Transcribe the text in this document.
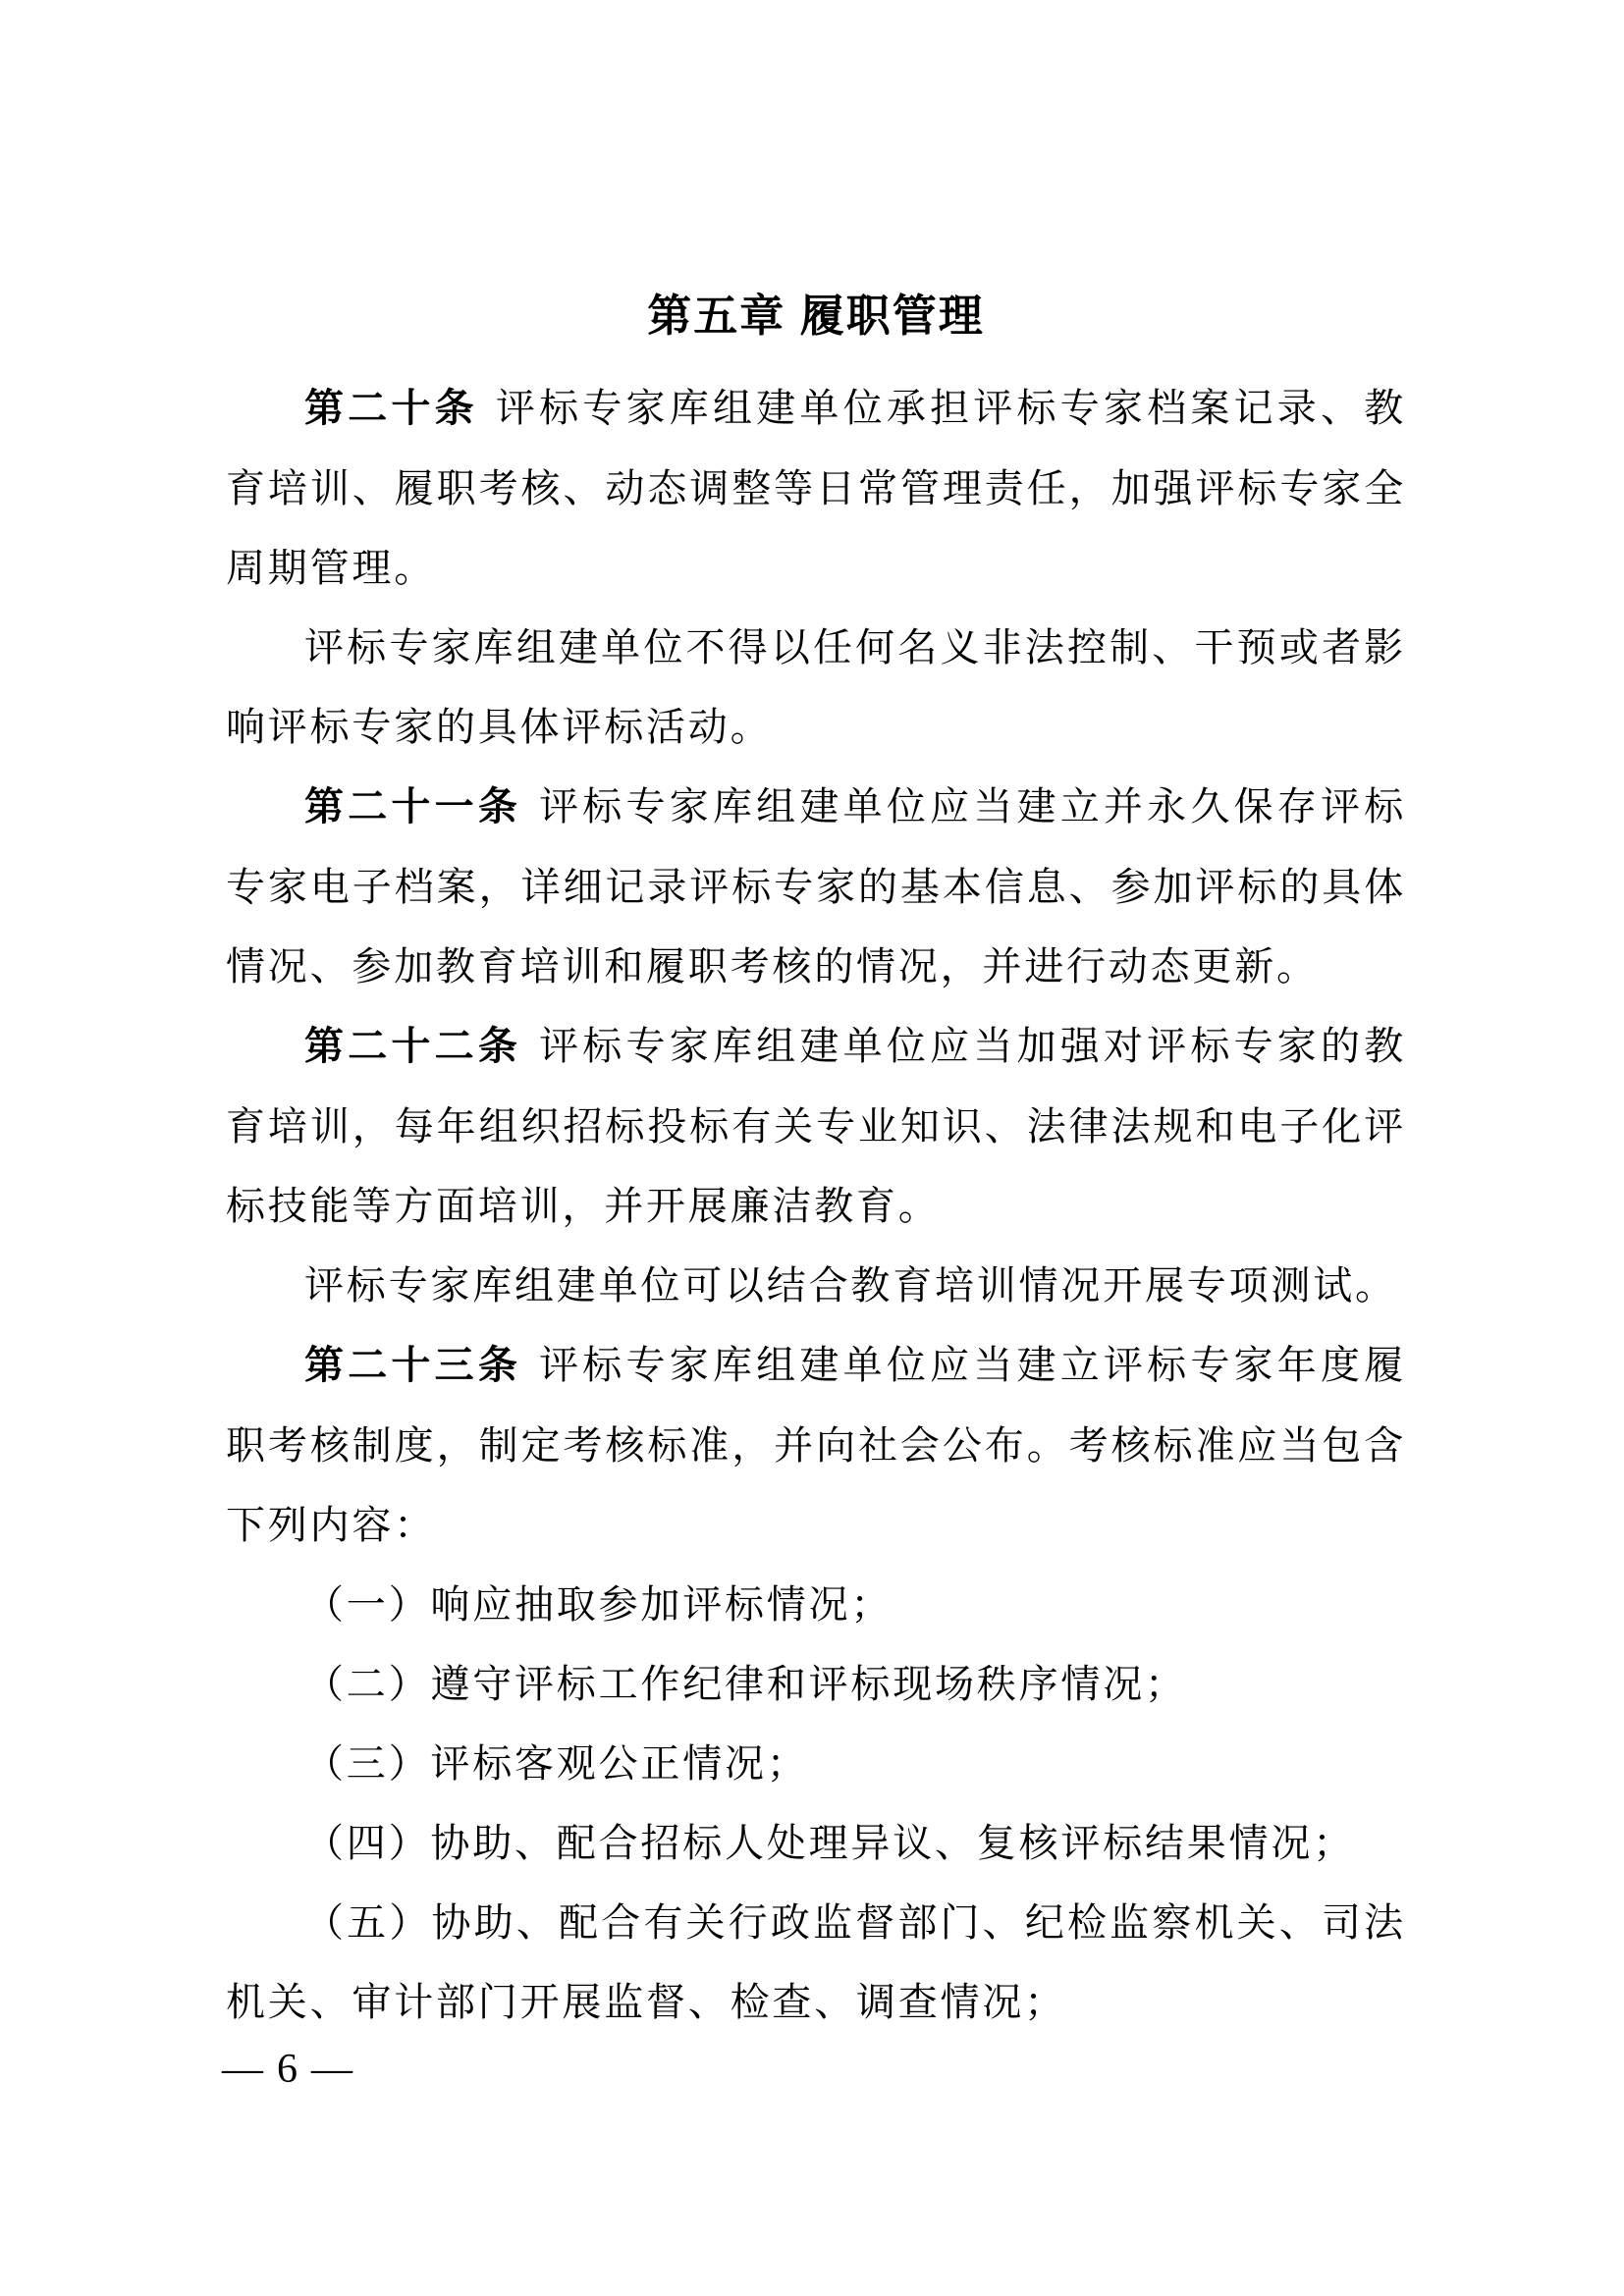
第五章 履职管理

第二十条 评标专家库组建单位承担评标专家档案记录、教育培训、履职考核、动态调整等日常管理责任，加强评标专家全周期管理。

评标专家库组建单位不得以任何名义非法控制、干预或者影响评标专家的具体评标活动。

第二十一条 评标专家库组建单位应当建立并永久保存评标专家电子档案，详细记录评标专家的基本信息、参加评标的具体情况、参加教育培训和履职考核的情况，并进行动态更新。

第二十二条 评标专家库组建单位应当加强对评标专家的教育培训，每年组织招标投标有关专业知识、法律法规和电子化评标技能等方面培训，并开展廉洁教育。

评标专家库组建单位可以结合教育培训情况开展专项测试。

第二十三条 评标专家库组建单位应当建立评标专家年度履职考核制度，制定考核标准，并向社会公布。考核标准应当包含下列内容：

（一）响应抽取参加评标情况；

（二）遵守评标工作纪律和评标现场秩序情况；

（三）评标客观公正情况；

（四）协助、配合招标人处理异议、复核评标结果情况；

（五）协助、配合有关行政监督部门、纪检监察机关、司法机关、审计部门开展监督、检查、调查情况；

— 6 —
